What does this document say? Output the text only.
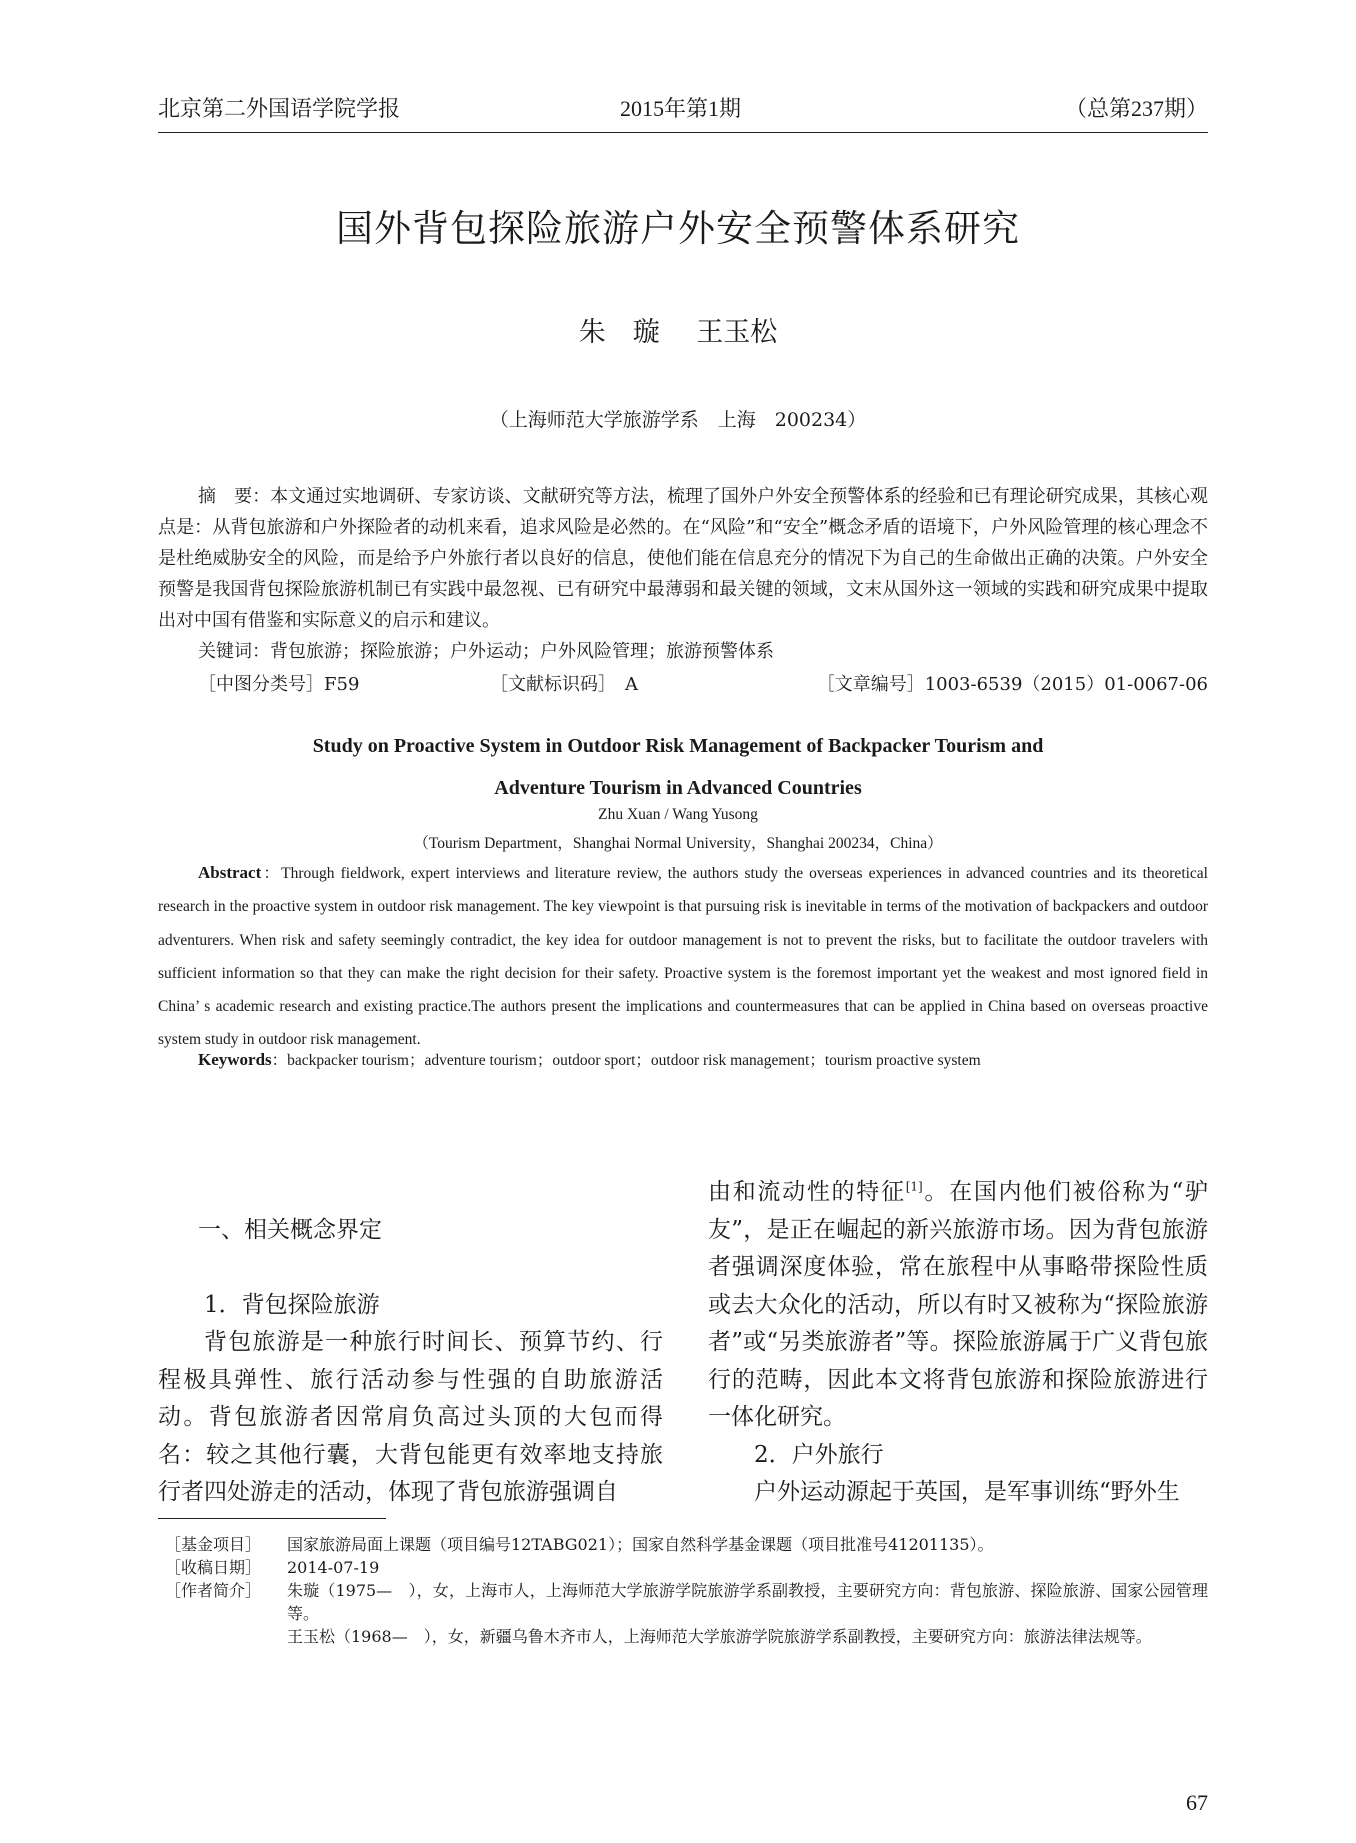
北京第二外国语学院学报	2015年第1期	（总第237期）
国外背包探险旅游户外安全预警体系研究
朱　璇 王玉松
（上海师范大学旅游学系　上海　200234）
摘　要：本文通过实地调研、专家访谈、文献研究等方法，梳理了国外户外安全预警体系的经验和已有理论研究成果，其核心观点是：从背包旅游和户外探险者的动机来看，追求风险是必然的。在“风险”和“安全”概念矛盾的语境下，户外风险管理的核心理念不是杜绝威胁安全的风险，而是给予户外旅行者以良好的信息，使他们能在信息充分的情况下为自己的生命做出正确的决策。户外安全预警是我国背包探险旅游机制已有实践中最忽视、已有研究中最薄弱和最关键的领域，文末从国外这一领域的实践和研究成果中提取出对中国有借鉴和实际意义的启示和建议。
关键词：背包旅游；探险旅游；户外运动；户外风险管理；旅游预警体系
［中图分类号］F59	［文献标识码］　A	［文章编号］1003-6539（2015）01-0067-06
Study on Proactive System in Outdoor Risk Management of Backpacker Tourism and
Adventure Tourism in Advanced Countries
Zhu Xuan / Wang Yusong
（Tourism Department，Shanghai Normal University，Shanghai 200234，China）
Abstract：Through fieldwork, expert interviews and literature review, the authors study the overseas experiences in advanced countries and its theoretical research in the proactive system in outdoor risk management. The key viewpoint is that pursuing risk is inevitable in terms of the motivation of backpackers and outdoor adventurers. When risk and safety seemingly contradict, the key idea for outdoor management is not to prevent the risks, but to facilitate the outdoor travelers with sufficient information so that they can make the right decision for their safety. Proactive system is the foremost important yet the weakest and most ignored field in China’ s academic research and existing practice.The authors present the implications and countermeasures that can be applied in China based on overseas proactive system study in outdoor risk management.
Keywords：backpacker tourism；adventure tourism；outdoor sport；outdoor risk management；tourism proactive system

一、相关概念界定

1．背包探险旅游

背包旅游是一种旅行时间长、预算节约、行程极具弹性、旅行活动参与性强的自助旅游活动。背包旅游者因常肩负高过头顶的大包而得名：较之其他行囊，大背包能更有效率地支持旅行者四处游走的活动，体现了背包旅游强调自

由和流动性的特征[1]。在国内他们被俗称为“驴友”，是正在崛起的新兴旅游市场。因为背包旅游者强调深度体验，常在旅程中从事略带探险性质或去大众化的活动，所以有时又被称为“探险旅游者”或“另类旅游者”等。探险旅游属于广义背包旅行的范畴，因此本文将背包旅游和探险旅游进行一体化研究。

2．户外旅行

户外运动源起于英国，是军事训练“野外生

［基金项目］ 国家旅游局面上课题（项目编号12TABG021）；国家自然科学基金课题（项目批准号41201135）。

［收稿日期］ 2014-07-19

［作者简介］ 朱璇（1975—　），女，上海市人，上海师范大学旅游学院旅游学系副教授，主要研究方向：背包旅游、探险旅游、国家公园管理等。

王玉松（1968—　），女，新疆乌鲁木齐市人，上海师范大学旅游学院旅游学系副教授，主要研究方向：旅游法律法规等。

67
